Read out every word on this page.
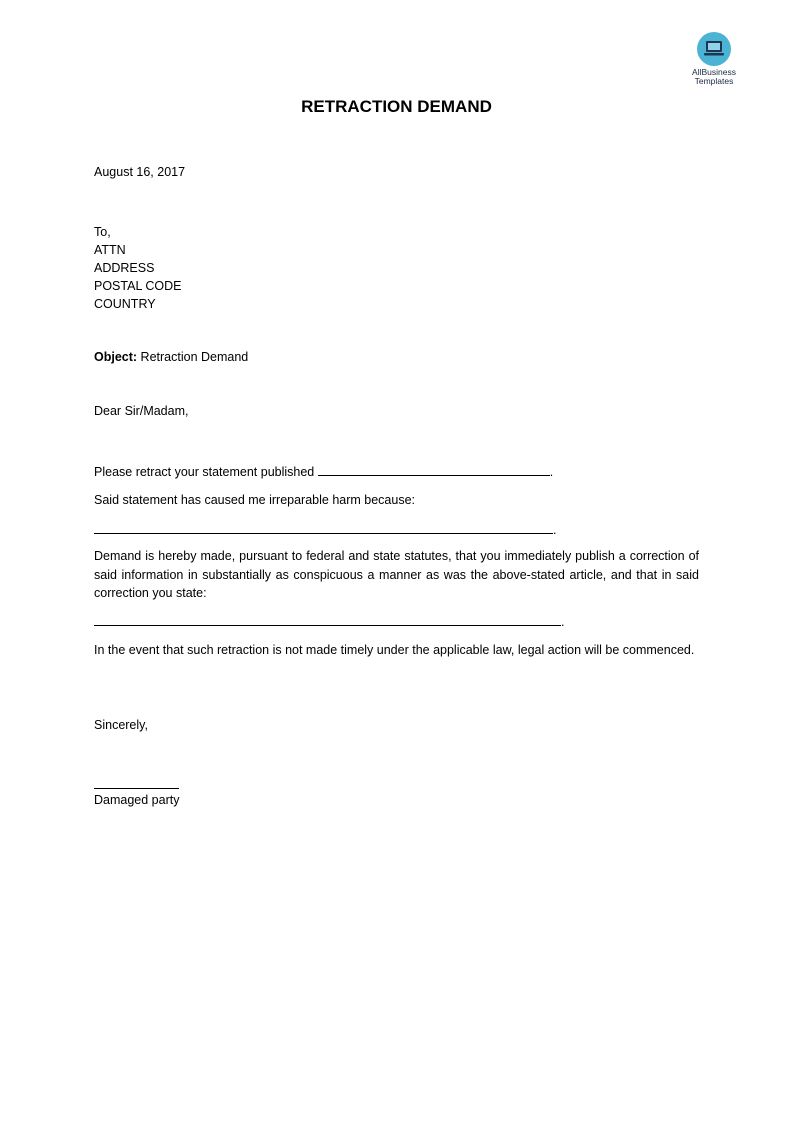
AllBusiness
Templates
RETRACTION DEMAND

August 16, 2017

To,

ATTN

ADDRESS

POSTAL CODE

COUNTRY

Object: Retraction Demand

Dear Sir/Madam,

Please retract your statement published	.

Said statement has caused me irreparable harm because:

.

Demand is hereby made, pursuant to federal and state statutes, that you immediately publish a correction of said information in substantially as conspicuous a manner as was the above-stated article, and that in said correction you state:

.

In the event that such retraction is not made timely under the applicable law, legal action will be commenced.

Sincerely,

Damaged party
